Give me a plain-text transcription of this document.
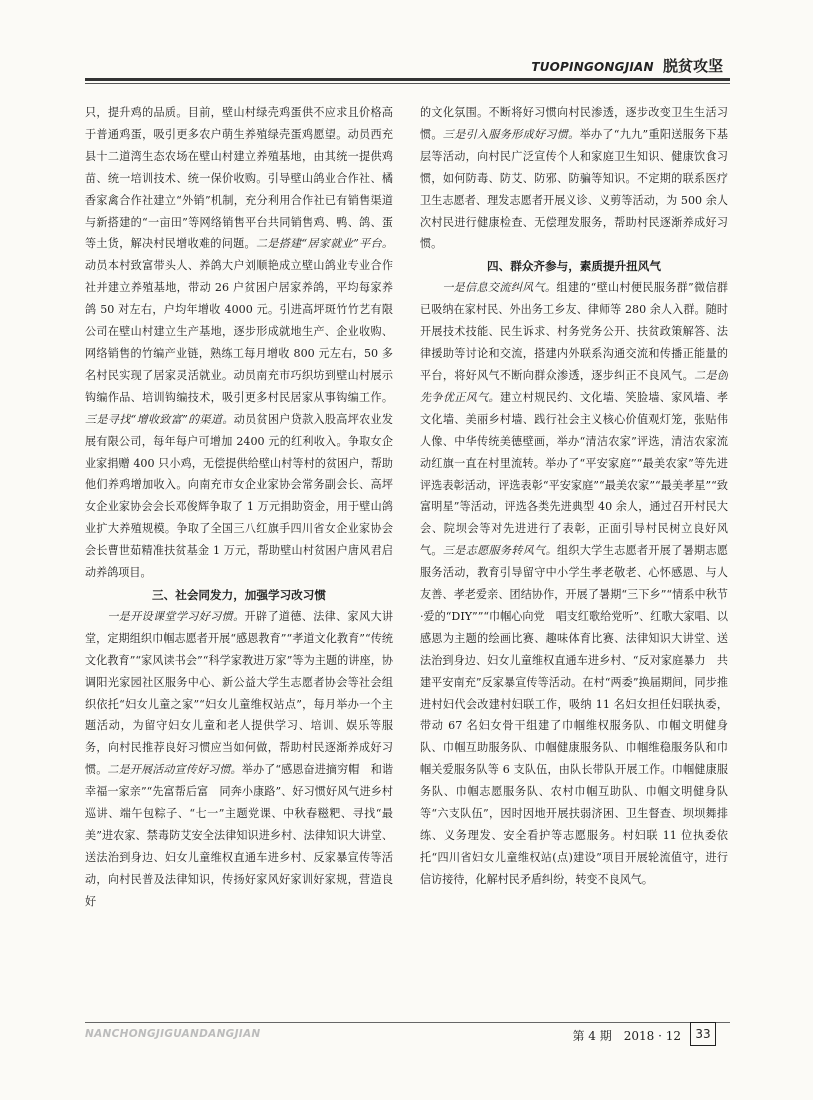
TUOPINGONGJIAN 脱贫攻坚

只，提升鸡的品质。目前，壁山村绿壳鸡蛋供不应求且价格高于普通鸡蛋，吸引更多农户萌生养殖绿壳蛋鸡愿望。动员西充县十二道湾生态农场在壁山村建立养殖基地，由其统一提供鸡苗、统一培训技术、统一保价收购。引导壁山鸽业合作社、橘香家禽合作社建立“外销”机制，充分利用合作社已有销售渠道与新搭建的“一亩田”等网络销售平台共同销售鸡、鸭、鸽、蛋等土货，解决村民增收难的问题。二是搭建“居家就业”平台。动员本村致富带头人、养鸽大户刘顺艳成立壁山鸽业专业合作社并建立养殖基地，带动 26 户贫困户居家养鸽，平均每家养鸽 50 对左右，户均年增收 4000 元。引进高坪斑竹竹艺有限公司在壁山村建立生产基地，逐步形成就地生产、企业收购、网络销售的竹编产业链，熟练工每月增收 800 元左右，50 多名村民实现了居家灵活就业。动员南充市巧织坊到壁山村展示钩编作品、培训钩编技术，吸引更多村民居家从事钩编工作。三是寻找“增收致富”的渠道。动员贫困户贷款入股高坪农业发展有限公司，每年每户可增加 2400 元的红利收入。争取女企业家捐赠 400 只小鸡，无偿提供给壁山村等村的贫困户，帮助他们养鸡增加收入。向南充市女企业家协会常务副会长、高坪女企业家协会会长邓俊辉争取了 1 万元捐助资金，用于壁山鸽业扩大养殖规模。争取了全国三八红旗手四川省女企业家协会会长曹世茹精准扶贫基金 1 万元，帮助壁山村贫困户唐风君启动养鸽项目。

三、社会同发力，加强学习改习惯

一是开设课堂学习好习惯。开辟了道德、法律、家风大讲堂，定期组织巾帼志愿者开展“感恩教育”“孝道文化教育”“传统文化教育”“家风读书会”“科学家教进万家”等为主题的讲座，协调阳光家园社区服务中心、新公益大学生志愿者协会等社会组织依托“妇女儿童之家”“妇女儿童维权站点”，每月举办一个主题活动，为留守妇女儿童和老人提供学习、培训、娱乐等服务，向村民推荐良好习惯应当如何做，帮助村民逐渐养成好习惯。二是开展活动宣传好习惯。举办了“感恩奋进摘穷帽　和谐幸福一家亲”“先富帮后富　同奔小康路”、好习惯好风气进乡村巡讲、端午包粽子、“七一”主题党课、中秋春糍粑、寻找“最美”进农家、禁毒防艾安全法律知识进乡村、法律知识大讲堂、送法治到身边、妇女儿童维权直通车进乡村、反家暴宣传等活动，向村民普及法律知识，传扬好家风好家训好家规，营造良好

的文化氛围。不断将好习惯向村民渗透，逐步改变卫生生活习惯。三是引入服务形成好习惯。举办了“九九”重阳送服务下基层等活动，向村民广泛宣传个人和家庭卫生知识、健康饮食习惯，如何防毒、防艾、防邪、防骗等知识。不定期的联系医疗卫生志愿者、理发志愿者开展义诊、义剪等活动，为 500 余人次村民进行健康检查、无偿理发服务，帮助村民逐渐养成好习惯。

四、群众齐参与，素质提升扭风气

一是信息交流纠风气。组建的“壁山村便民服务群”微信群已吸纳在家村民、外出务工乡友、律师等 280 余人入群。随时开展技术技能、民生诉求、村务党务公开、扶贫政策解答、法律援助等讨论和交流，搭建内外联系沟通交流和传播正能量的平台，将好风气不断向群众渗透，逐步纠正不良风气。二是创先争优正风气。建立村规民约、文化墙、笑脸墙、家风墙、孝文化墙、美丽乡村墙、践行社会主义核心价值观灯笼，张贴伟人像、中华传统美德壁画，举办“清洁农家”评选，清洁农家流动红旗一直在村里流转。举办了“平安家庭”“最美农家”等先进评选表彰活动，评选表彰“平安家庭”“最美农家”“最美孝星”“致富明星”等活动，评选各类先进典型 40 余人，通过召开村民大会、院坝会等对先进进行了表彰，正面引导村民树立良好风气。三是志愿服务转风气。组织大学生志愿者开展了暑期志愿服务活动，教育引导留守中小学生孝老敬老、心怀感恩、与人友善、孝老爱亲、团结协作，开展了暑期“三下乡”“情系中秋节·爱的“DIY””“巾帼心向党　唱支红歌给党听”、红歌大家唱、以感恩为主题的绘画比赛、趣味体育比赛、法律知识大讲堂、送法治到身边、妇女儿童维权直通车进乡村、“反对家庭暴力　共建平安南充”反家暴宣传等活动。在村“两委”换届期间，同步推进村妇代会改建村妇联工作，吸纳 11 名妇女担任妇联执委，带动 67 名妇女骨干组建了巾帼维权服务队、巾帼文明健身队、巾帼互助服务队、巾帼健康服务队、巾帼维稳服务队和巾帼关爱服务队等 6 支队伍，由队长带队开展工作。巾帼健康服务队、巾帼志愿服务队、农村巾帼互助队、巾帼文明健身队等“六支队伍”，因时因地开展扶弱济困、卫生督查、坝坝舞排练、义务理发、安全看护等志愿服务。村妇联 11 位执委依托“四川省妇女儿童维权站(点)建设”项目开展轮流值守，进行信访接待，化解村民矛盾纠纷，转变不良风气。

NANCHONGJIGUANDANGJIAN	第 4 期　2018 · 12	33
